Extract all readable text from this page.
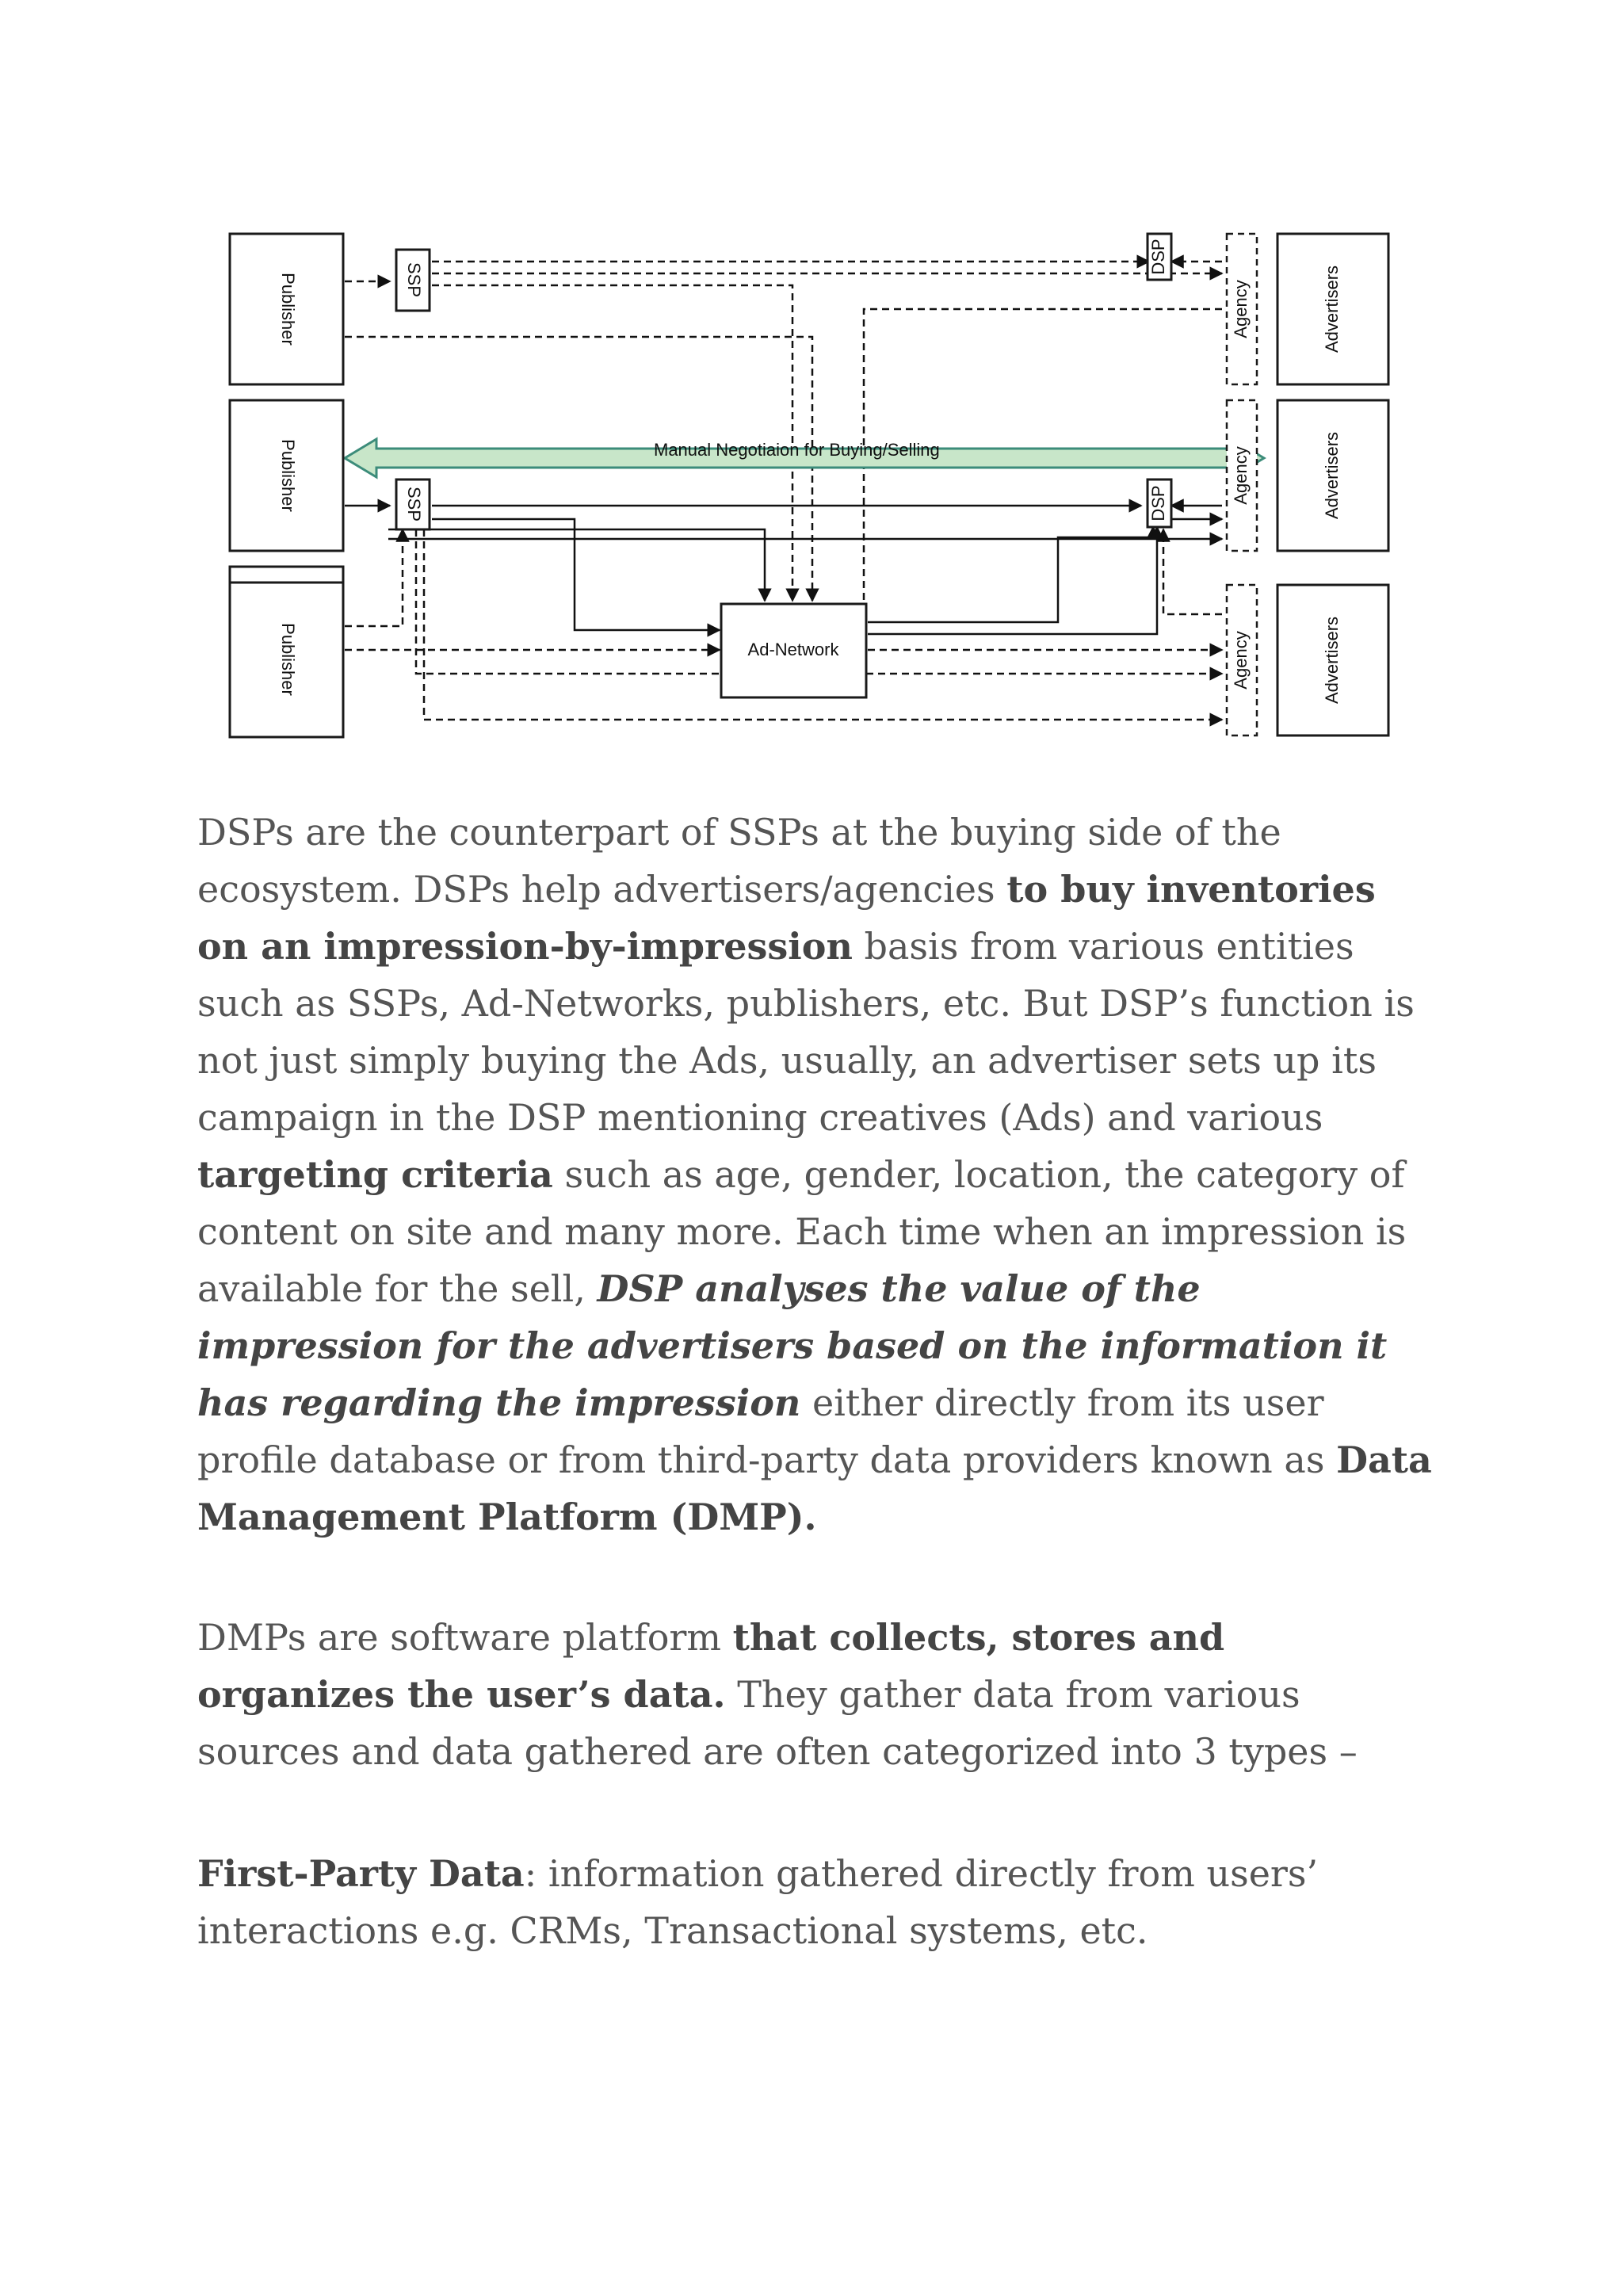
Manual Negotiaion for Buying/Selling
Publisher
Publisher
Publisher
SSP
SSP
DSP
DSP
Ad-Network
Agency
Agency
Agency
Advertisers
Advertisers
Advertisers

DSPs are the counterpart of SSPs at the buying side of the ecosystem. DSPs help advertisers/agencies to buy inventories on an impression-by-impression basis from various entities such as SSPs, Ad-Networks, publishers, etc. But DSP’s function is not just simply buying the Ads, usually, an advertiser sets up its campaign in the DSP mentioning creatives (Ads) and various targeting criteria such as age, gender, location, the category of content on site and many more. Each time when an impression is available for the sell, DSP analyses the value of the impression for the advertisers based on the information it has regarding the impression either directly from its user profile database or from third-party data providers known as Data Management Platform (DMP).

DMPs are software platform that collects, stores and organizes the user’s data. They gather data from various sources and data gathered are often categorized into 3 types –

First-Party Data: information gathered directly from users’ interactions e.g. CRMs, Transactional systems, etc.
